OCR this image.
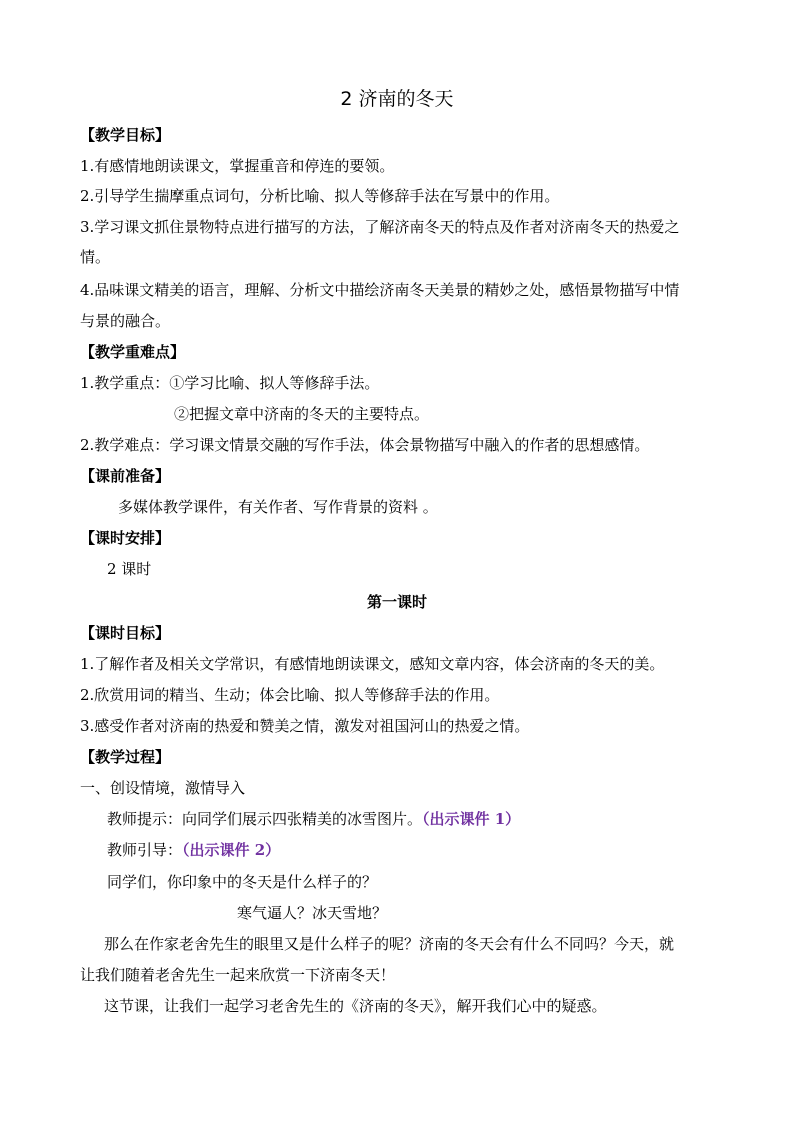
2 济南的冬天
【教学目标】
1.有感情地朗读课文，掌握重音和停连的要领。
2.引导学生揣摩重点词句，分析比喻、拟人等修辞手法在写景中的作用。
3.学习课文抓住景物特点进行描写的方法，了解济南冬天的特点及作者对济南冬天的热爱之
情。
4.品味课文精美的语言，理解、分析文中描绘济南冬天美景的精妙之处，感悟景物描写中情
与景的融合。
【教学重难点】
1.教学重点：①学习比喻、拟人等修辞手法。
②把握文章中济南的冬天的主要特点。
2.教学难点：学习课文情景交融的写作手法，体会景物描写中融入的作者的思想感情。
【课前准备】
多媒体教学课件，有关作者、写作背景的资料 。
【课时安排】
2 课时
第一课时
【课时目标】
1.了解作者及相关文学常识，有感情地朗读课文，感知文章内容，体会济南的冬天的美。
2.欣赏用词的精当、生动；体会比喻、拟人等修辞手法的作用。
3.感受作者对济南的热爱和赞美之情，激发对祖国河山的热爱之情。
【教学过程】
一、创设情境，激情导入
教师提示：向同学们展示四张精美的冰雪图片。（出示课件 1）
教师引导：（出示课件 2）
同学们，你印象中的冬天是什么样子的？
寒气逼人？冰天雪地？
那么在作家老舍先生的眼里又是什么样子的呢？济南的冬天会有什么不同吗？今天，就
让我们随着老舍先生一起来欣赏一下济南冬天！
这节课，让我们一起学习老舍先生的《济南的冬天》，解开我们心中的疑惑。
